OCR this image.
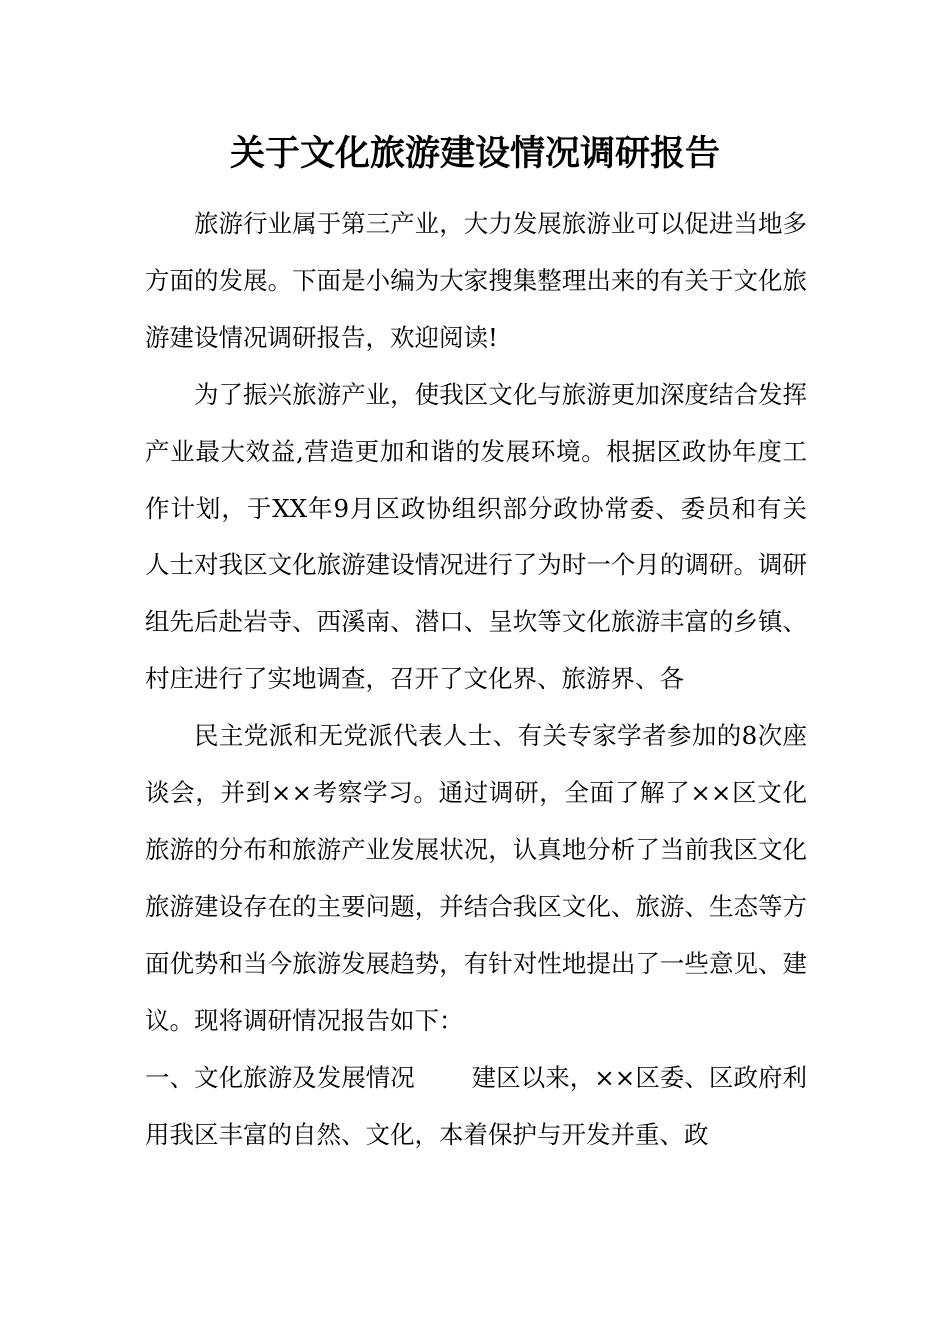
关于文化旅游建设情况调研报告

旅游行业属于第三产业，大力发展旅游业可以促进当地多方面的发展。下面是小编为大家搜集整理出来的有关于文化旅游建设情况调研报告，欢迎阅读!

为了振兴旅游产业，使我区文化与旅游更加深度结合发挥产业最大效益,营造更加和谐的发展环境。根据区政协年度工作计划，于XX年9月区政协组织部分政协常委、委员和有关人士对我区文化旅游建设情况进行了为时一个月的调研。调研组先后赴岩寺、西溪南、潜口、呈坎等文化旅游丰富的乡镇、村庄进行了实地调查，召开了文化界、旅游界、各

民主党派和无党派代表人士、有关专家学者参加的8次座谈会，并到××考察学习。通过调研，全面了解了××区文化旅游的分布和旅游产业发展状况，认真地分析了当前我区文化旅游建设存在的主要问题，并结合我区文化、旅游、生态等方面优势和当今旅游发展趋势，有针对性地提出了一些意见、建议。现将调研情况报告如下：

一、文化旅游及发展情况　　 建区以来，××区委、区政府利用我区丰富的自然、文化，本着保护与开发并重、政
